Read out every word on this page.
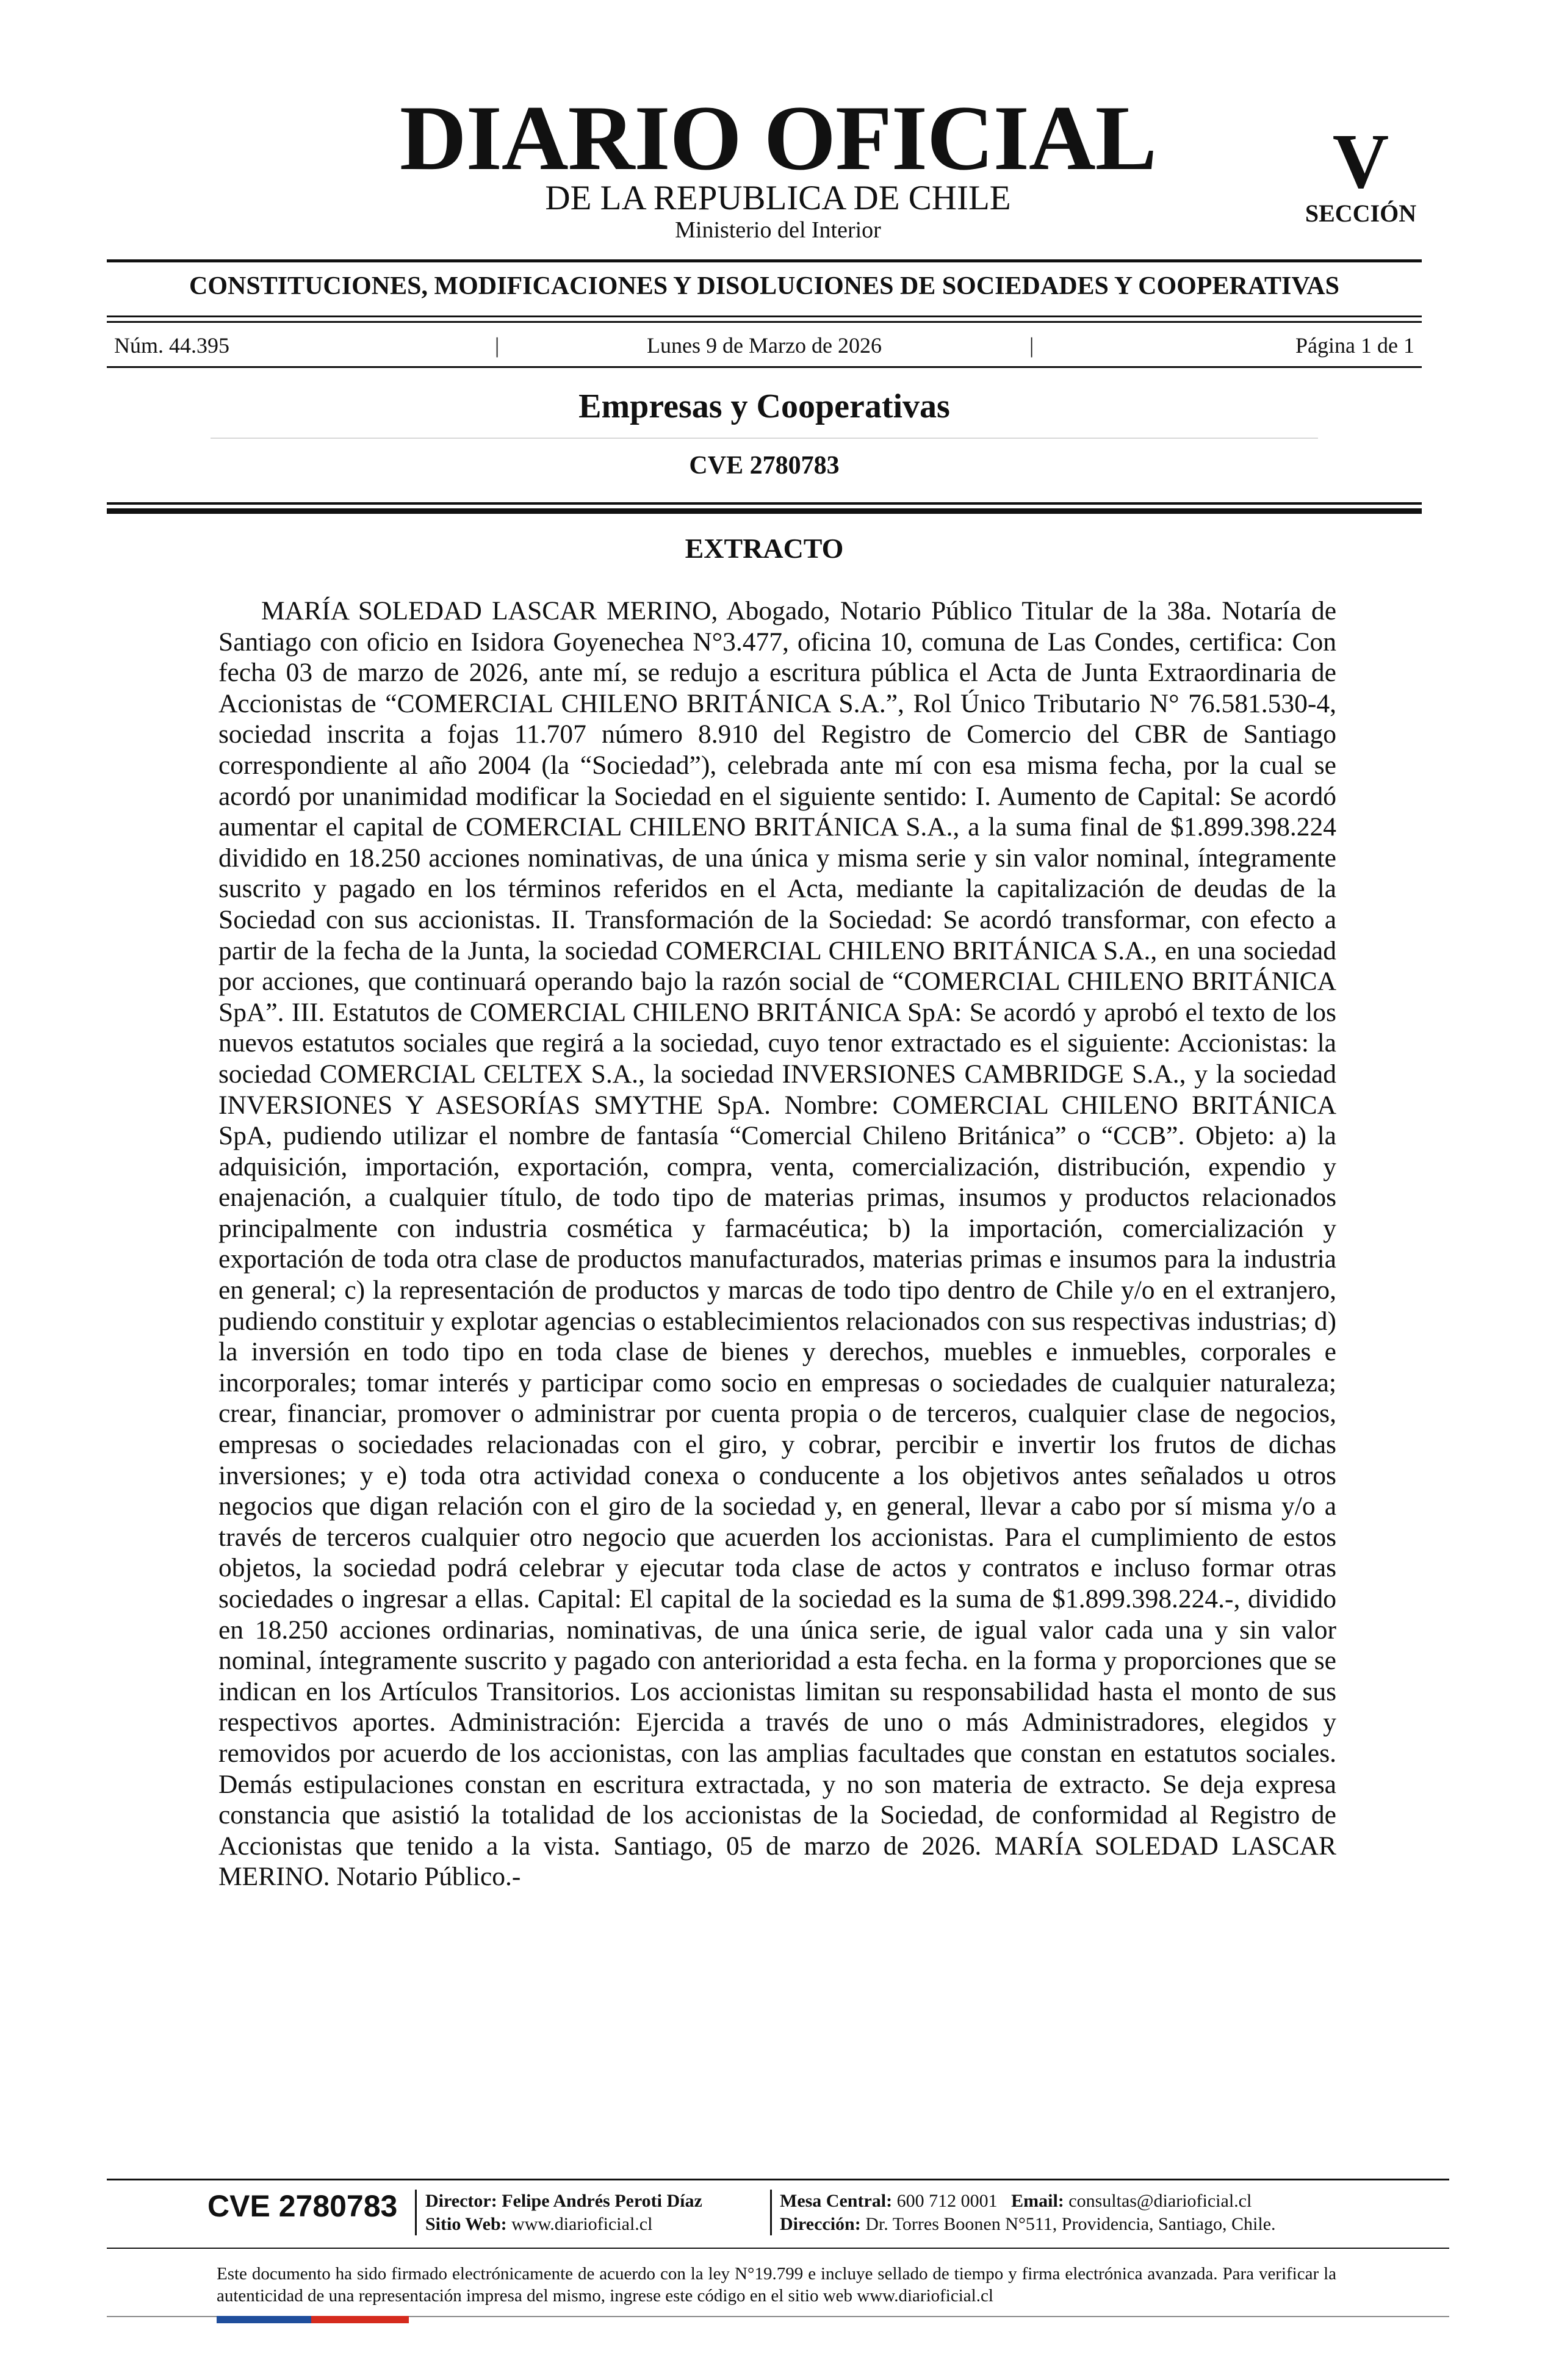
DIARIO OFICIAL
DE LA REPUBLICA DE CHILE
Ministerio del Interior
V
SECCIÓN
CONSTITUCIONES, MODIFICACIONES Y DISOLUCIONES DE SOCIEDADES Y COOPERATIVAS
Núm. 44.395	|	Lunes 9 de Marzo de 2026	|	Página 1 de 1
Empresas y Cooperativas
CVE 2780783
EXTRACTO
MARÍA SOLEDAD LASCAR MERINO, Abogado, Notario Público Titular de la 38a. Notaría de Santiago con oficio en Isidora Goyenechea N°3.477, oficina 10, comuna de Las Condes, certifica: Con fecha 03 de marzo de 2026, ante mí, se redujo a escritura pública el Acta de Junta Extraordinaria de Accionistas de “COMERCIAL CHILENO BRITÁNICA S.A.”, Rol Único Tributario N° 76.581.530-4, sociedad inscrita a fojas 11.707 número 8.910 del Registro de Comercio del CBR de Santiago correspondiente al año 2004 (la “Sociedad”), celebrada ante mí con esa misma fecha, por la cual se acordó por unanimidad modificar la Sociedad en el siguiente sentido: I. Aumento de Capital: Se acordó aumentar el capital de COMERCIAL CHILENO BRITÁNICA S.A., a la suma final de $1.899.398.224 dividido en 18.250 acciones nominativas, de una única y misma serie y sin valor nominal, íntegramente suscrito y pagado en los términos referidos en el Acta, mediante la capitalización de deudas de la Sociedad con sus accionistas. II. Transformación de la Sociedad: Se acordó transformar, con efecto a partir de la fecha de la Junta, la sociedad COMERCIAL CHILENO BRITÁNICA S.A., en una sociedad por acciones, que continuará operando bajo la razón social de “COMERCIAL CHILENO BRITÁNICA SpA”. III. Estatutos de COMERCIAL CHILENO BRITÁNICA SpA: Se acordó y aprobó el texto de los nuevos estatutos sociales que regirá a la sociedad, cuyo tenor extractado es el siguiente: Accionistas: la sociedad COMERCIAL CELTEX S.A., la sociedad INVERSIONES CAMBRIDGE S.A., y la sociedad INVERSIONES Y ASESORÍAS SMYTHE SpA. Nombre: COMERCIAL CHILENO BRITÁNICA SpA, pudiendo utilizar el nombre de fantasía “Comercial Chileno Británica” o “CCB”. Objeto: a) la adquisición, importación, exportación, compra, venta, comercialización, distribución, expendio y enajenación, a cualquier título, de todo tipo de materias primas, insumos y productos relacionados principalmente con industria cosmética y farmacéutica; b) la importación, comercialización y exportación de toda otra clase de productos manufacturados, materias primas e insumos para la industria en general; c) la representación de productos y marcas de todo tipo dentro de Chile y/o en el extranjero, pudiendo constituir y explotar agencias o establecimientos relacionados con sus respectivas industrias; d) la inversión en todo tipo en toda clase de bienes y derechos, muebles e inmuebles, corporales e incorporales; tomar interés y participar como socio en empresas o sociedades de cualquier naturaleza; crear, financiar, promover o administrar por cuenta propia o de terceros, cualquier clase de negocios, empresas o sociedades relacionadas con el giro, y cobrar, percibir e invertir los frutos de dichas inversiones; y e) toda otra actividad conexa o conducente a los objetivos antes señalados u otros negocios que digan relación con el giro de la sociedad y, en general, llevar a cabo por sí misma y/o a través de terceros cualquier otro negocio que acuerden los accionistas. Para el cumplimiento de estos objetos, la sociedad podrá celebrar y ejecutar toda clase de actos y contratos e incluso formar otras sociedades o ingresar a ellas. Capital: El capital de la sociedad es la suma de $1.899.398.224.-, dividido en 18.250 acciones ordinarias, nominativas, de una única serie, de igual valor cada una y sin valor nominal, íntegramente suscrito y pagado con anterioridad a esta fecha. en la forma y proporciones que se indican en los Artículos Transitorios. Los accionistas limitan su responsabilidad hasta el monto de sus respectivos aportes. Administración: Ejercida a través de uno o más Administradores, elegidos y removidos por acuerdo de los accionistas, con las amplias facultades que constan en estatutos sociales. Demás estipulaciones constan en escritura extractada, y no son materia de extracto. Se deja expresa constancia que asistió la totalidad de los accionistas de la Sociedad, de conformidad al Registro de Accionistas que tenido a la vista. Santiago, 05 de marzo de 2026. MARÍA SOLEDAD LASCAR MERINO. Notario Público.-
CVE 2780783 Director: Felipe Andrés Peroti Díaz
Sitio Web: www.diarioficial.cl
Mesa Central: 600 712 0001 Email: consultas@diarioficial.cl
Dirección: Dr. Torres Boonen N°511, Providencia, Santiago, Chile.
Este documento ha sido firmado electrónicamente de acuerdo con la ley N°19.799 e incluye sellado de tiempo y firma electrónica avanzada. Para verificar la autenticidad de una representación impresa del mismo, ingrese este código en el sitio web www.diarioficial.cl
